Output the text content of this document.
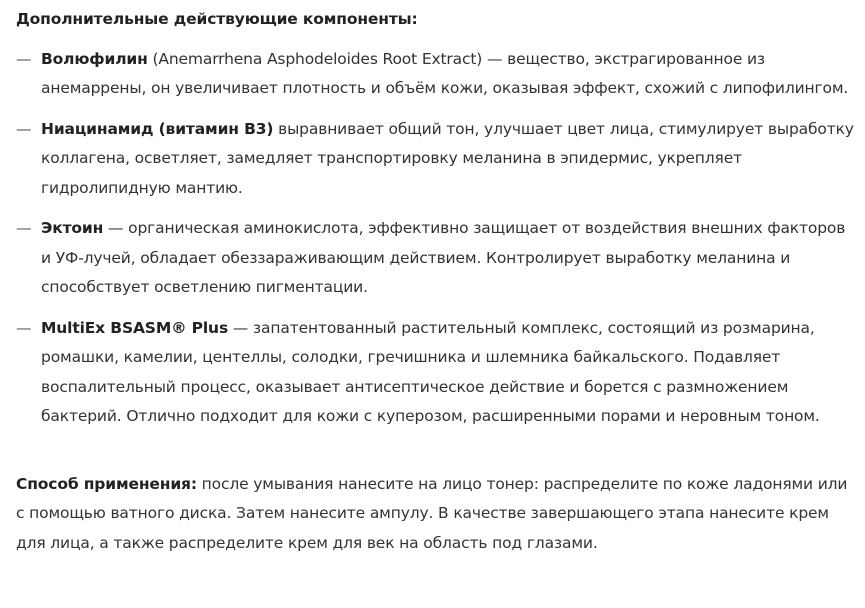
Дополнительные действующие компоненты:
— Волюфилин (Anemarrhena Asphodeloides Root Extract) — вещество, экстрагированное из анемаррены, он увеличивает плотность и объём кожи, оказывая эффект, схожий с липофилингом.
— Ниацинамид (витамин B3) выравнивает общий тон, улучшает цвет лица, стимулирует выработку коллагена, осветляет, замедляет транспортировку меланина в эпидермис, укрепляет гидролипидную мантию.
— Эктоин — органическая аминокислота, эффективно защищает от воздействия внешних факторов и УФ-лучей, обладает обеззараживающим действием. Контролирует выработку меланина и способствует осветлению пигментации.
— MultiEx BSASM® Plus — запатентованный растительный комплекс, состоящий из розмарина, ромашки, камелии, центеллы, солодки, гречишника и шлемника байкальского. Подавляет воспалительный процесс, оказывает антисептическое действие и борется с размножением бактерий. Отлично подходит для кожи с куперозом, расширенными порами и неровным тоном.
Способ применения: после умывания нанесите на лицо тонер: распределите по коже ладонями или с помощью ватного диска. Затем нанесите ампулу. В качестве завершающего этапа нанесите крем для лица, а также распределите крем для век на область под глазами.
